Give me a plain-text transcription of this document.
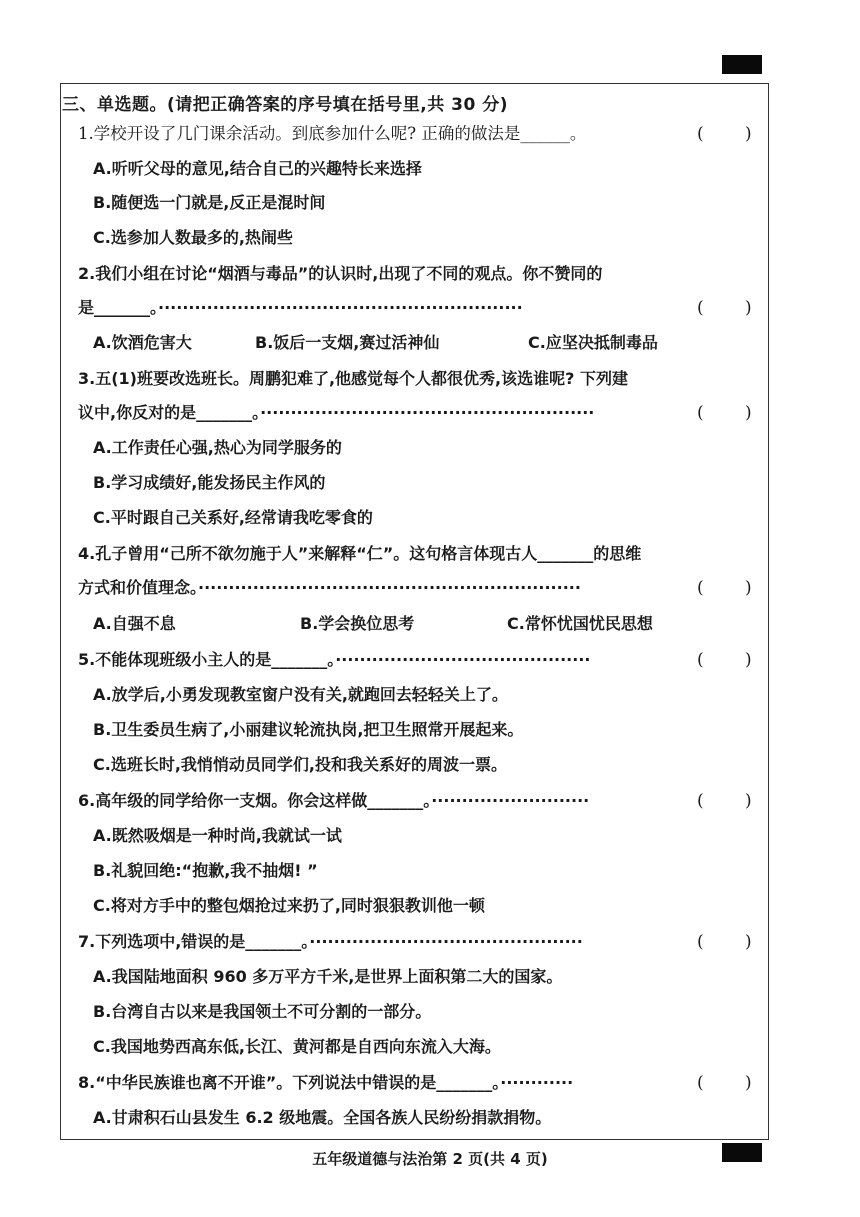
三、单选题。(请把正确答案的序号填在括号里,共 30 分)
1.学校开设了几门课余活动。到底参加什么呢? 正确的做法是______。	( )
A.听听父母的意见,结合自己的兴趣特长来选择
B.随便选一门就是,反正是混时间
C.选参加人数最多的,热闹些
2.我们小组在讨论“烟酒与毒品”的认识时,出现了不同的观点。你不赞同的
是_______。····························································	( )
A.饮酒危害大	B.饭后一支烟,赛过活神仙	C.应坚决抵制毒品
3.五(1)班要改选班长。周鹏犯难了,他感觉每个人都很优秀,该选谁呢? 下列建
议中,你反对的是_______。·······················································	( )
A.工作责任心强,热心为同学服务的
B.学习成绩好,能发扬民主作风的
C.平时跟自己关系好,经常请我吃零食的
4.孔子曾用“己所不欲勿施于人”来解释“仁”。这句格言体现古人_______的思维
方式和价值理念。·······························································	( )
A.自强不息	B.学会换位思考	C.常怀忧国忧民思想
5.不能体现班级小主人的是_______。··········································	( )
A.放学后,小勇发现教室窗户没有关,就跑回去轻轻关上了。
B.卫生委员生病了,小丽建议轮流执岗,把卫生照常开展起来。
C.选班长时,我悄悄动员同学们,投和我关系好的周波一票。
6.高年级的同学给你一支烟。你会这样做_______。··························	( )
A.既然吸烟是一种时尚,我就试一试
B.礼貌回绝:“抱歉,我不抽烟! ”
C.将对方手中的整包烟抢过来扔了,同时狠狠教训他一顿
7.下列选项中,错误的是_______。·············································	( )
A.我国陆地面积 960 多万平方千米,是世界上面积第二大的国家。
B.台湾自古以来是我国领土不可分割的一部分。
C.我国地势西高东低,长江、黄河都是自西向东流入大海。
8.“中华民族谁也离不开谁”。下列说法中错误的是_______。············	( )
A.甘肃积石山县发生 6.2 级地震。全国各族人民纷纷捐款捐物。
五年级道德与法治第 2 页(共 4 页)
